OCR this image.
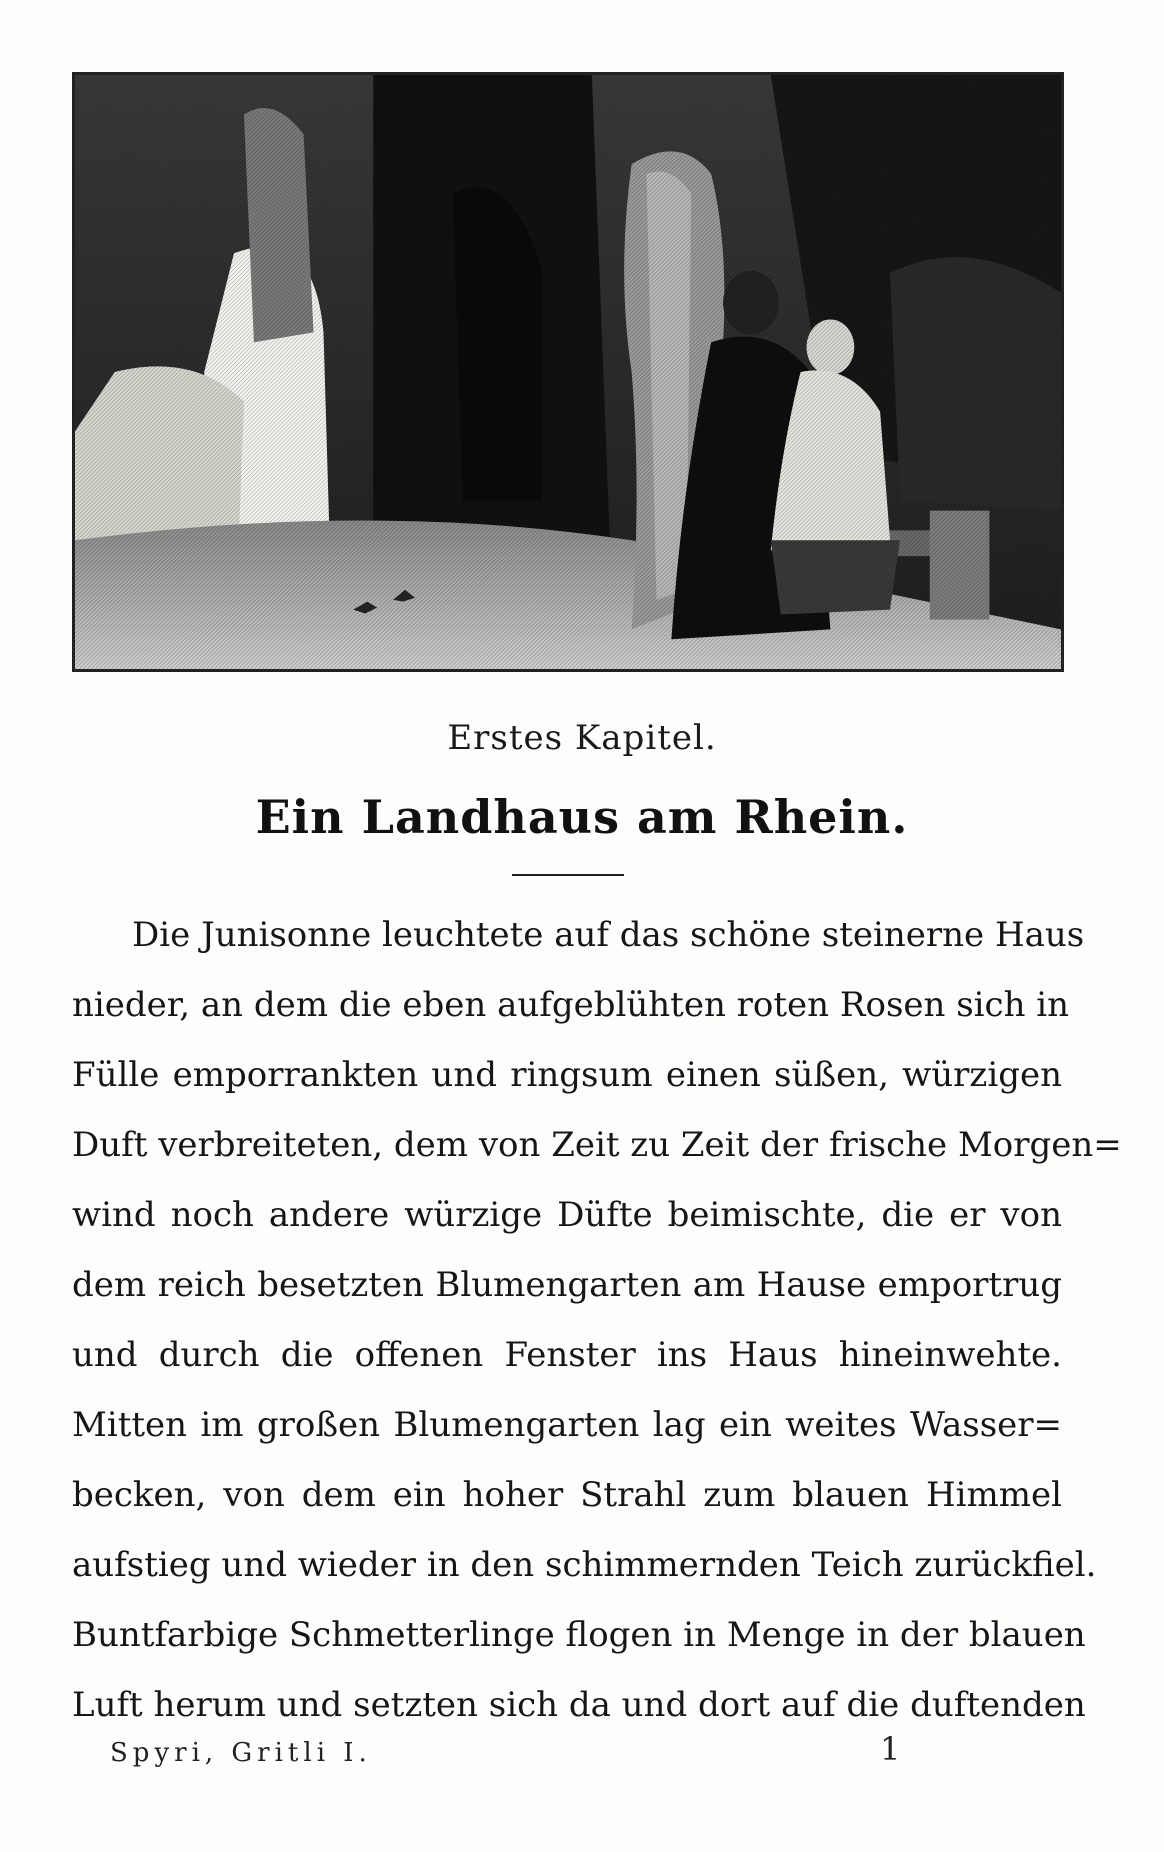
Erstes Kapitel.
Ein Landhaus am Rhein.
Die Junisonne leuchtete auf das schöne steinerne Haus
nieder, an dem die eben aufgeblühten roten Rosen sich in
Fülle emporrankten und ringsum einen süßen, würzigen
Duft verbreiteten, dem von Zeit zu Zeit der frische Morgen=
wind noch andere würzige Düfte beimischte, die er von
dem reich besetzten Blumengarten am Hause emportrug
und durch die offenen Fenster ins Haus hineinwehte.
Mitten im großen Blumengarten lag ein weites Wasser=
becken, von dem ein hoher Strahl zum blauen Himmel
aufstieg und wieder in den schimmernden Teich zurückfiel.
Buntfarbige Schmetterlinge flogen in Menge in der blauen
Luft herum und setzten sich da und dort auf die duftenden
Spyri, Gritli I.	1
